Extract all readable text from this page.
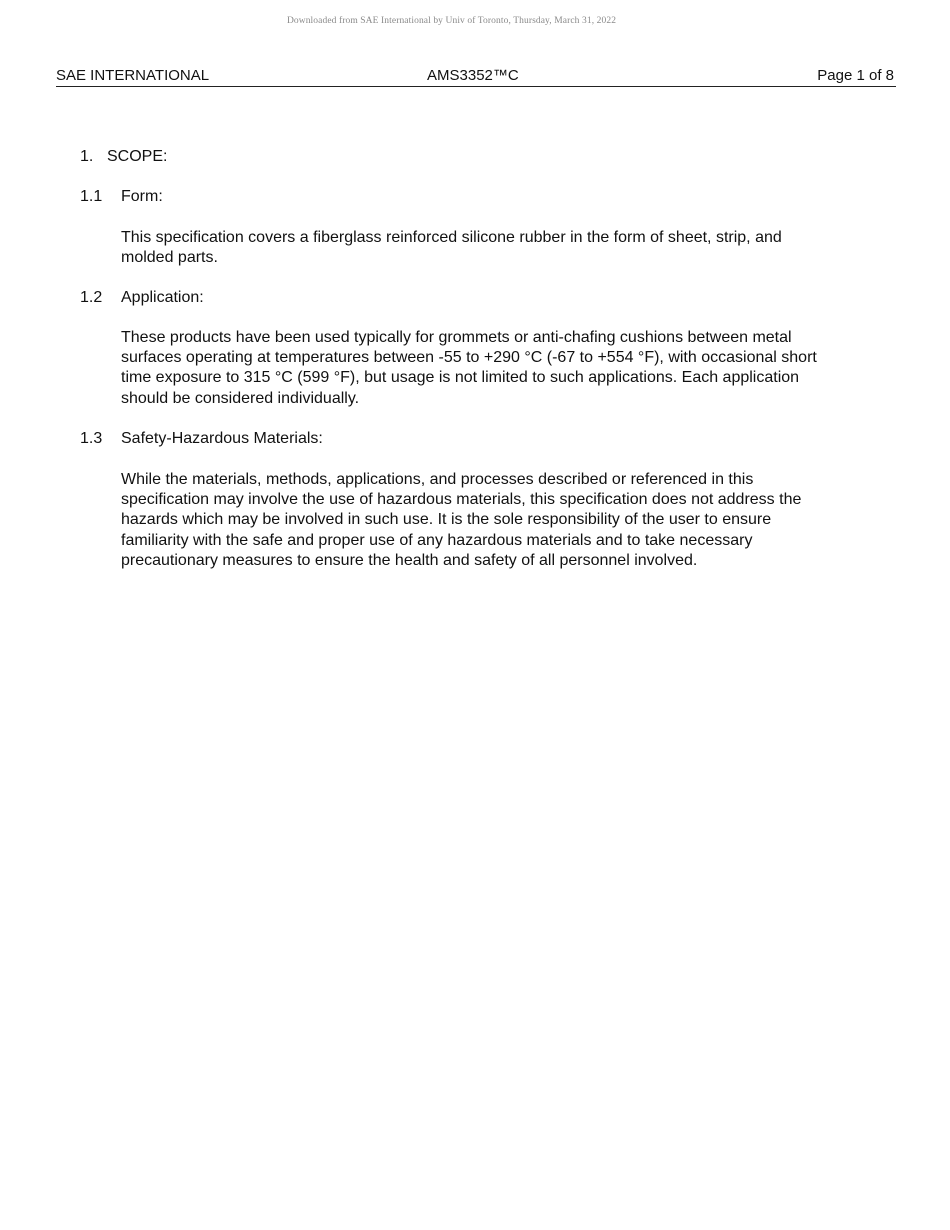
Downloaded from SAE International by Univ of Toronto, Thursday, March 31, 2022
SAE INTERNATIONAL	AMS3352™C	Page 1 of 8
1. SCOPE:
1.1 Form:
This specification covers a fiberglass reinforced silicone rubber in the form of sheet, strip, and
molded parts.
1.2 Application:
These products have been used typically for grommets or anti-chafing cushions between metal
surfaces operating at temperatures between -55 to +290 °C (-67 to +554 °F), with occasional short
time exposure to 315 °C (599 °F), but usage is not limited to such applications. Each application
should be considered individually.
1.3 Safety-Hazardous Materials:
While the materials, methods, applications, and processes described or referenced in this
specification may involve the use of hazardous materials, this specification does not address the
hazards which may be involved in such use. It is the sole responsibility of the user to ensure
familiarity with the safe and proper use of any hazardous materials and to take necessary
precautionary measures to ensure the health and safety of all personnel involved.
